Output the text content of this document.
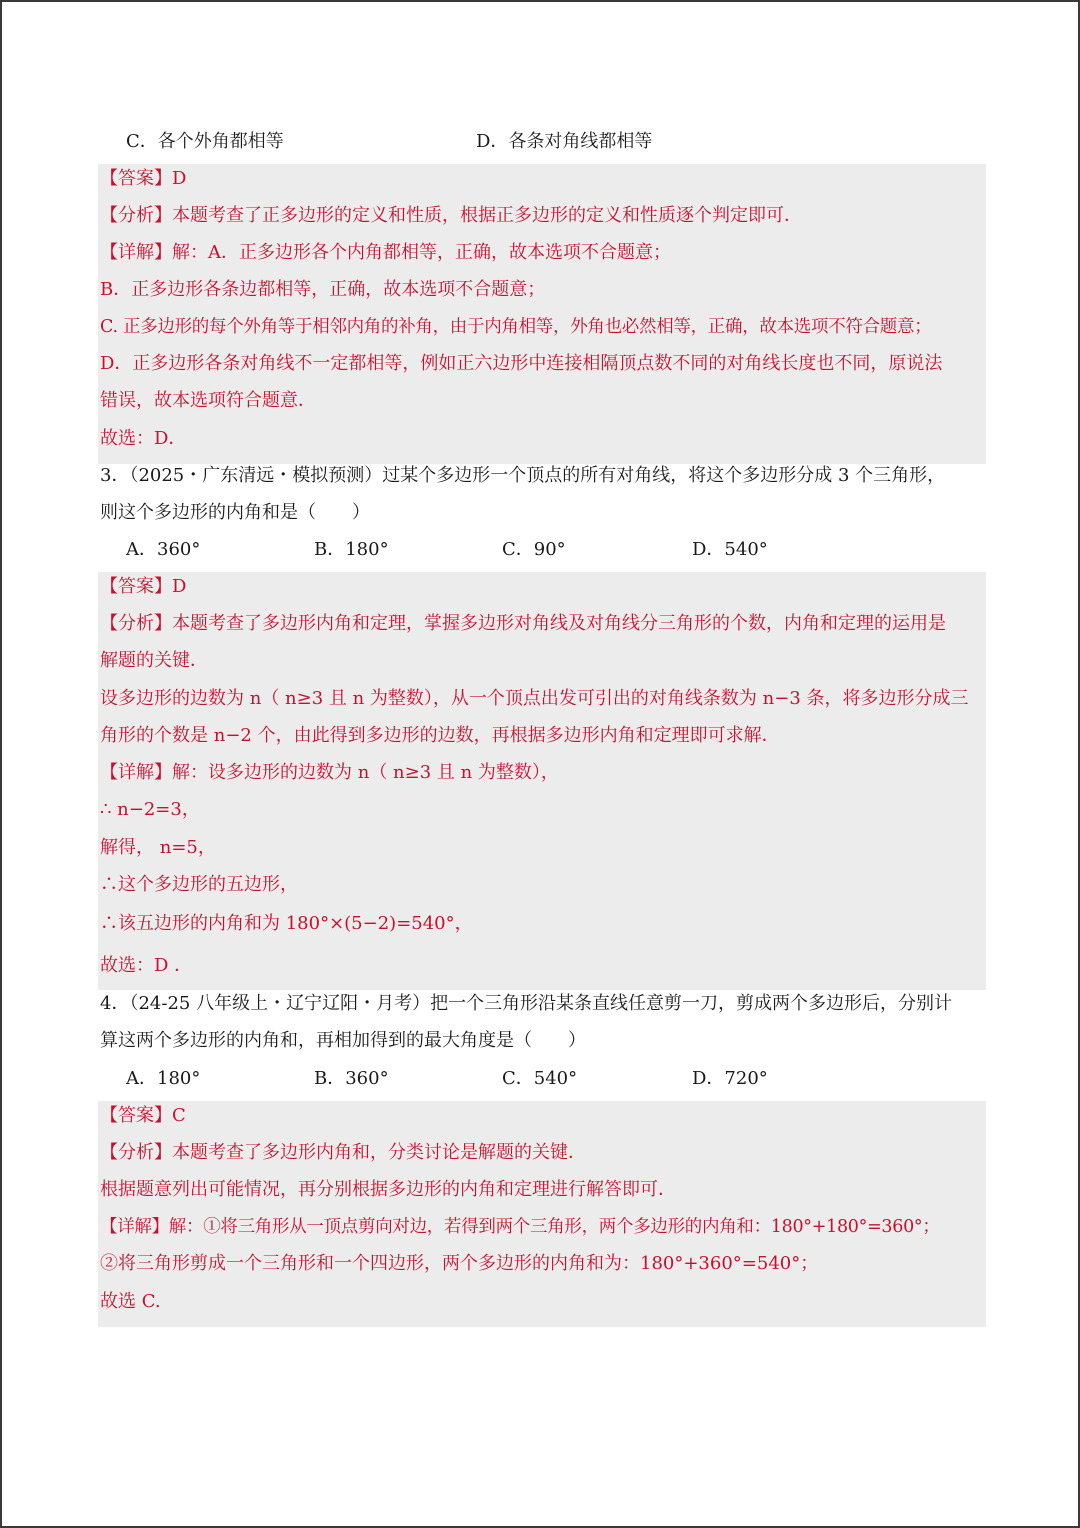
C．各个外角都相等	D．各条对角线都相等
【答案】D
【分析】本题考查了正多边形的定义和性质，根据正多边形的定义和性质逐个判定即可．
【详解】解：A．正多边形各个内角都相等，正确，故本选项不合题意；
B．正多边形各条边都相等，正确，故本选项不合题意；
C. 正多边形的每个外角等于相邻内角的补角，由于内角相等，外角也必然相等，正确，故本选项不符合题意；
D．正多边形各条对角线不一定都相等，例如正六边形中连接相隔顶点数不同的对角线长度也不同，原说法
错误，故本选项符合题意．
故选：D．
3．（2025・广东清远・模拟预测）过某个多边形一个顶点的所有对角线，将这个多边形分成 3 个三角形，
则这个多边形的内角和是（　　）
A．360°	B．180°	C．90°	D．540°
【答案】D
【分析】本题考查了多边形内角和定理，掌握多边形对角线及对角线分三角形的个数，内角和定理的运用是
解题的关键．
设多边形的边数为 n（ n≥3 且 n 为整数），从一个顶点出发可引出的对角线条数为 n−3 条，将多边形分成三
角形的个数是 n−2 个，由此得到多边形的边数，再根据多边形内角和定理即可求解．
【详解】解：设多边形的边数为 n（ n≥3 且 n 为整数），
∴ n−2=3，
解得， n=5，
∴这个多边形的五边形，
∴该五边形的内角和为 180°×(5−2)=540°，
故选：D ．
4．（24-25 八年级上・辽宁辽阳・月考）把一个三角形沿某条直线任意剪一刀，剪成两个多边形后，分别计
算这两个多边形的内角和，再相加得到的最大角度是（　　）
A．180°	B．360°	C．540°	D．720°
【答案】C
【分析】本题考查了多边形内角和，分类讨论是解题的关键．
根据题意列出可能情况，再分别根据多边形的内角和定理进行解答即可．
【详解】解：①将三角形从一顶点剪向对边，若得到两个三角形，两个多边形的内角和：180°+180°=360°；
②将三角形剪成一个三角形和一个四边形，两个多边形的内角和为：180°+360°=540°；
故选 C.
